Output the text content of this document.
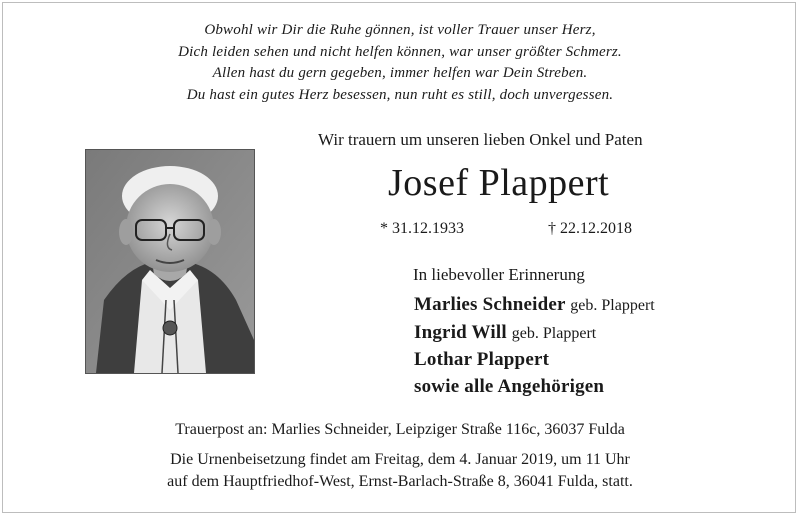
Obwohl wir Dir die Ruhe gönnen, ist voller Trauer unser Herz,
Dich leiden sehen und nicht helfen können, war unser größter Schmerz.
Allen hast du gern gegeben, immer helfen war Dein Streben.
Du hast ein gutes Herz besessen, nun ruht es still, doch unvergessen.
Wir trauern um unseren lieben Onkel und Paten
Josef Plappert
* 31.12.1933	† 22.12.2018
In liebevoller Erinnerung
Marlies Schneider geb. Plappert
Ingrid Will geb. Plappert
Lothar Plappert
sowie alle Angehörigen
Trauerpost an: Marlies Schneider, Leipziger Straße 116c, 36037 Fulda
Die Urnenbeisetzung findet am Freitag, dem 4. Januar 2019, um 11 Uhr
auf dem Hauptfriedhof-West, Ernst-Barlach-Straße 8, 36041 Fulda, statt.
